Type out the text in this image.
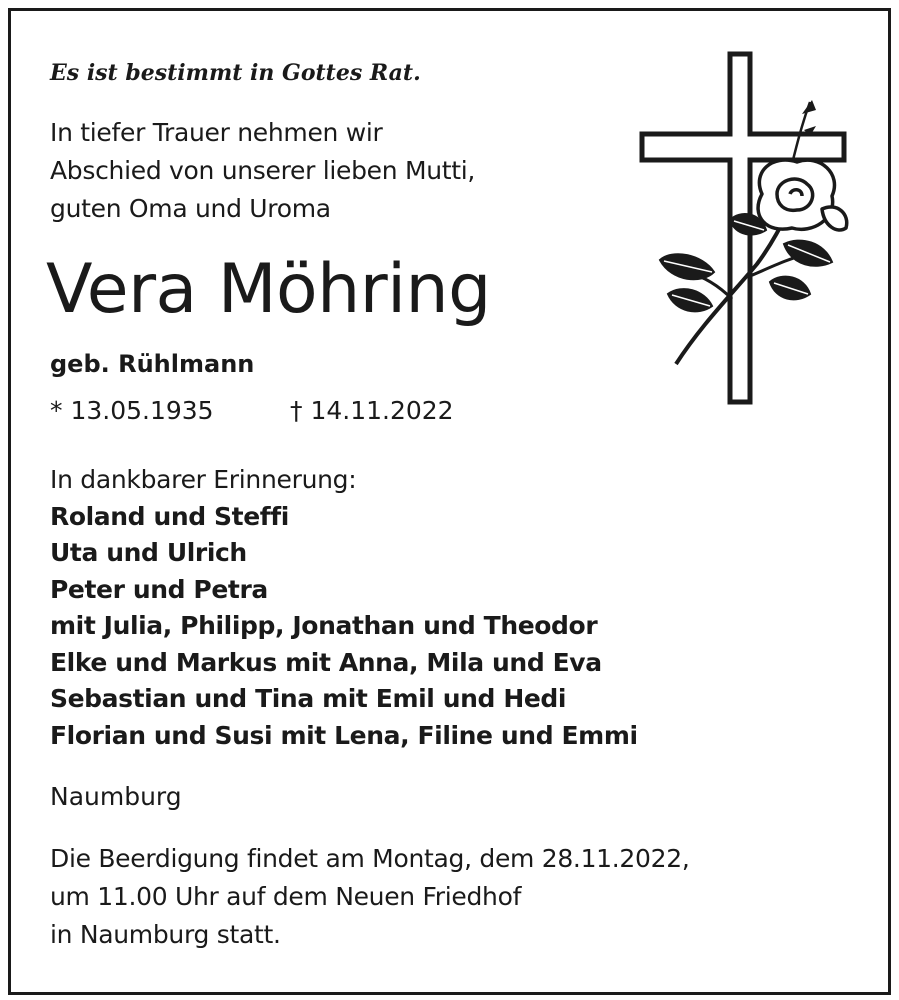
Es ist bestimmt in Gottes Rat.
In tiefer Trauer nehmen wir
Abschied von unserer lieben Mutti,
guten Oma und Uroma
Vera Möhring
geb. Rühlmann
* 13.05.1935	† 14.11.2022
In dankbarer Erinnerung:
Roland und Steffi
Uta und Ulrich
Peter und Petra
mit Julia, Philipp, Jonathan und Theodor
Elke und Markus mit Anna, Mila und Eva
Sebastian und Tina mit Emil und Hedi
Florian und Susi mit Lena, Filine und Emmi
Naumburg
Die Beerdigung findet am Montag, dem 28.11.2022,
um 11.00 Uhr auf dem Neuen Friedhof
in Naumburg statt.
